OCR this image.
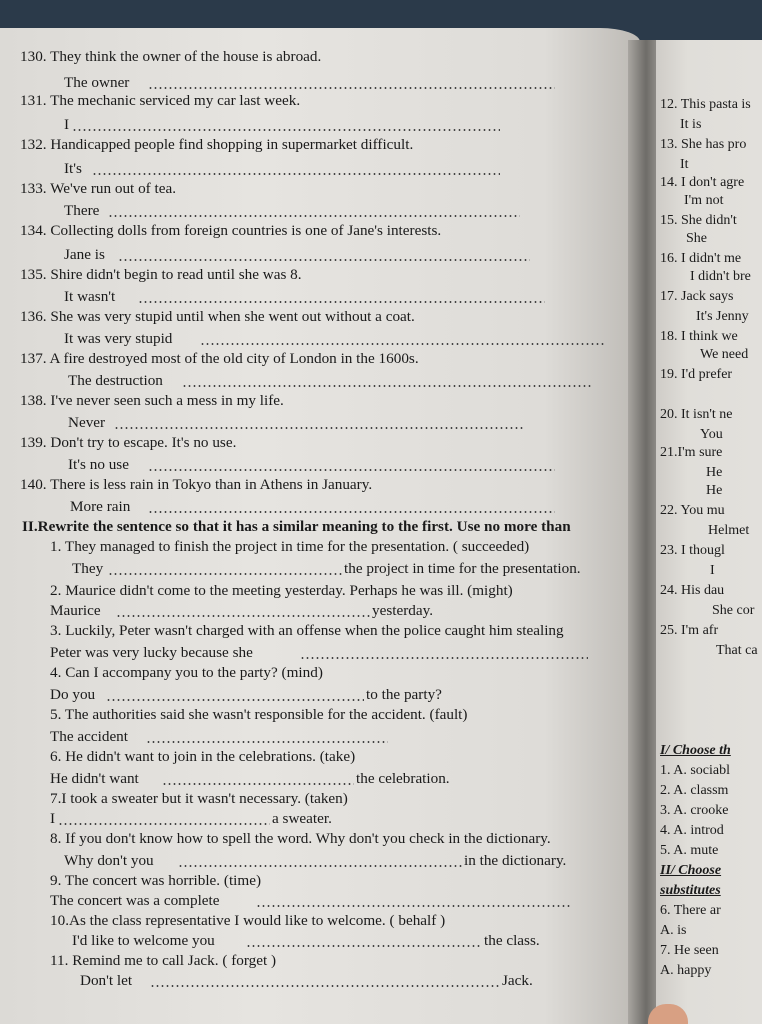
130. They think the owner of the house is abroad.
The owner
131. The mechanic serviced my car last week.
I
132. Handicapped people find shopping in supermarket difficult.
It's
133. We've run out of tea.
There
134. Collecting dolls from foreign countries is one of Jane's interests.
Jane is
135. Shire didn't begin to read until she was 8.
It wasn't
136. She was very stupid until when she went out without a coat.
It was very stupid
137. A fire destroyed most of the old city of London in the 1600s.
The destruction
138. I've never seen such a mess in my life.
Never
139. Don't try to escape. It's no use.
It's no use
140. There is less rain in Tokyo than in Athens in January.
More rain
II.Rewrite the sentence so that it has a similar meaning to the first. Use no more than
1. They managed to finish the project in time for the presentation. ( succeeded)
They	the project in time for the presentation.
2. Maurice didn't come to the meeting yesterday. Perhaps he was ill. (might)
Maurice	yesterday.
3. Luckily, Peter wasn't charged with an offense when the police caught him stealing
Peter was very lucky because she
4. Can I accompany you to the party? (mind)
Do you	to the party?
5. The authorities said she wasn't responsible for the accident. (fault)
The accident
6. He didn't want to join in the celebrations. (take)
He didn't want	the celebration.
7.I took a sweater but it wasn't necessary. (taken)
I	a sweater.
8. If you don't know how to spell the word. Why don't you check in the dictionary.
Why don't you	in the dictionary.
9. The concert was horrible. (time)
The concert was a complete
10.As the class representative I would like to welcome. ( behalf )
I'd like to welcome you	the class.
11. Remind me to call Jack. ( forget )
Don't let	Jack.
12. This pasta is
It is
13. She has pro
It
14. I don't agre
I'm not
15. She didn't
She
16. I didn't me
I didn't bre
17. Jack says
It's Jenny
18. I think we
We need
19. I'd prefer
20. It isn't ne
You
21.I'm sure
He
He
22. You mu
Helmet
23. I thougl
I
24. His dau
She cor
25. I'm afr
That ca
I/ Choose th
1. A. sociabl
2. A. classm
3. A. crooke
4. A. introd
5. A. mute
II/ Choose
substitutes
6. There ar
A. is
7. He seen
A. happy
